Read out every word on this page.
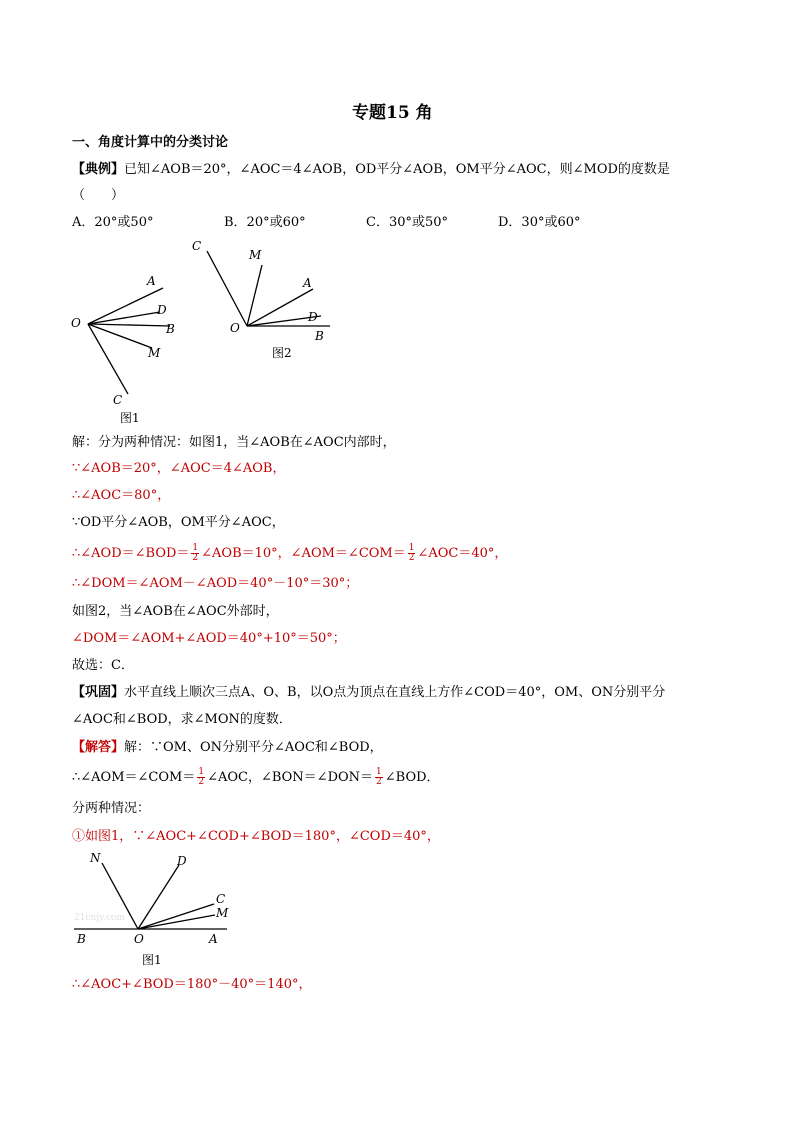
专题15 角
一、角度计算中的分类讨论
【典例】已知∠AOB＝20°，∠AOC＝4∠AOB，OD平分∠AOB，OM平分∠AOC，则∠MOD的度数是
（　　）
A．20°或50°	B．20°或60°	C．30°或50°	D．30°或60°
A
D
B
M
C
O
图1
C
M
A
D
O
B
图2
解：分为两种情况：如图1，当∠AOB在∠AOC内部时，
∵∠AOB＝20°，∠AOC＝4∠AOB，
∴∠AOC＝80°，
∵OD平分∠AOB，OM平分∠AOC，
∴∠AOD＝∠BOD＝ $\frac{1}{2}$ ∠AOB＝10°，∠AOM＝∠COM＝ $\frac{1}{2}$ ∠AOC＝40°，
∴∠DOM＝∠AOM－∠AOD＝40°－10°＝30°；
如图2，当∠AOB在∠AOC外部时，
∠DOM＝∠AOM+∠AOD＝40°+10°＝50°；
故选：C．
【巩固】水平直线上顺次三点A、O、B，以O点为顶点在直线上方作∠COD＝40°，OM、ON分别平分
∠AOC和∠BOD，求∠MON的度数．
【解答】解：∵OM、ON分别平分∠AOC和∠BOD，
∴∠AOM＝∠COM＝ $\frac{1}{2}$ ∠AOC，∠BON＝∠DON＝ $\frac{1}{2}$ ∠BOD．
分两种情况：
①如图1，∵∠AOC+∠COD+∠BOD＝180°，∠COD＝40°，
21cnjy.com
N	D
C
M
B	O	A
图1
∴∠AOC+∠BOD＝180°－40°＝140°，
